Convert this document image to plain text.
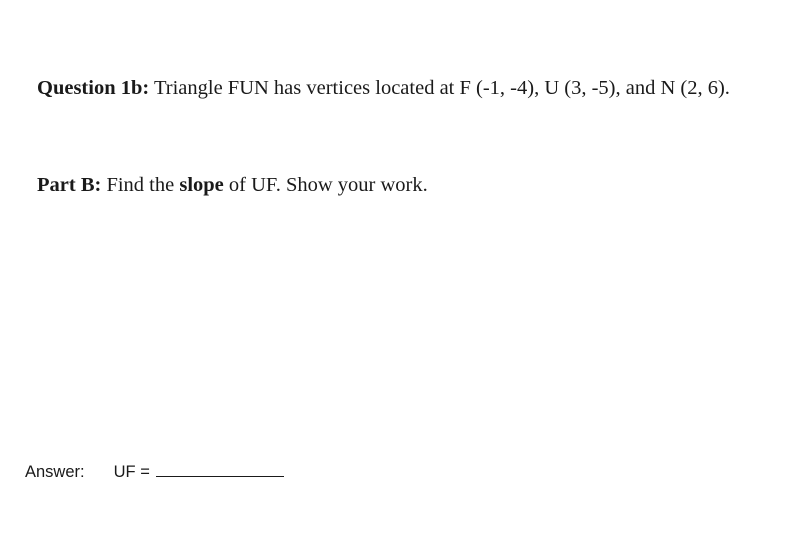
Question 1b: Triangle FUN has vertices located at F (-1, -4), U (3, -5), and N (2, 6).
Part B: Find the slope of UF. Show your work.
Answer: UF =
